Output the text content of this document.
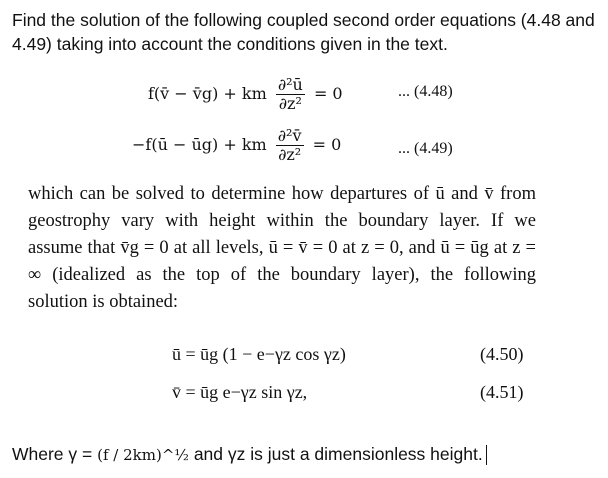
Find the solution of the following coupled second order equations (4.48 and 4.49) taking into account the conditions given in the text.
f(v̄ − v̄g) + km $\frac{\text{∂²ū}}{\text{∂z²}} = 0$	... (4.48)
−f(ū − ūg) + km $\frac{\text{∂²v̄}}{\text{∂z²}} = 0$	... (4.49)
which can be solved to determine how departures of ū and v̄ from geostrophy vary with height within the boundary layer. If we assume that v̄g = 0 at all levels, ū = v̄ = 0 at z = 0, and ū = ūg at z = ∞ (idealized as the top of the boundary layer), the following solution is obtained:
ū = ūg (1 − e−γz cos γz)	(4.50)
v̄ = ūg e−γz sin γz,	(4.51)
Where γ = (f / 2km)^½ and γz is just a dimensionless height.
